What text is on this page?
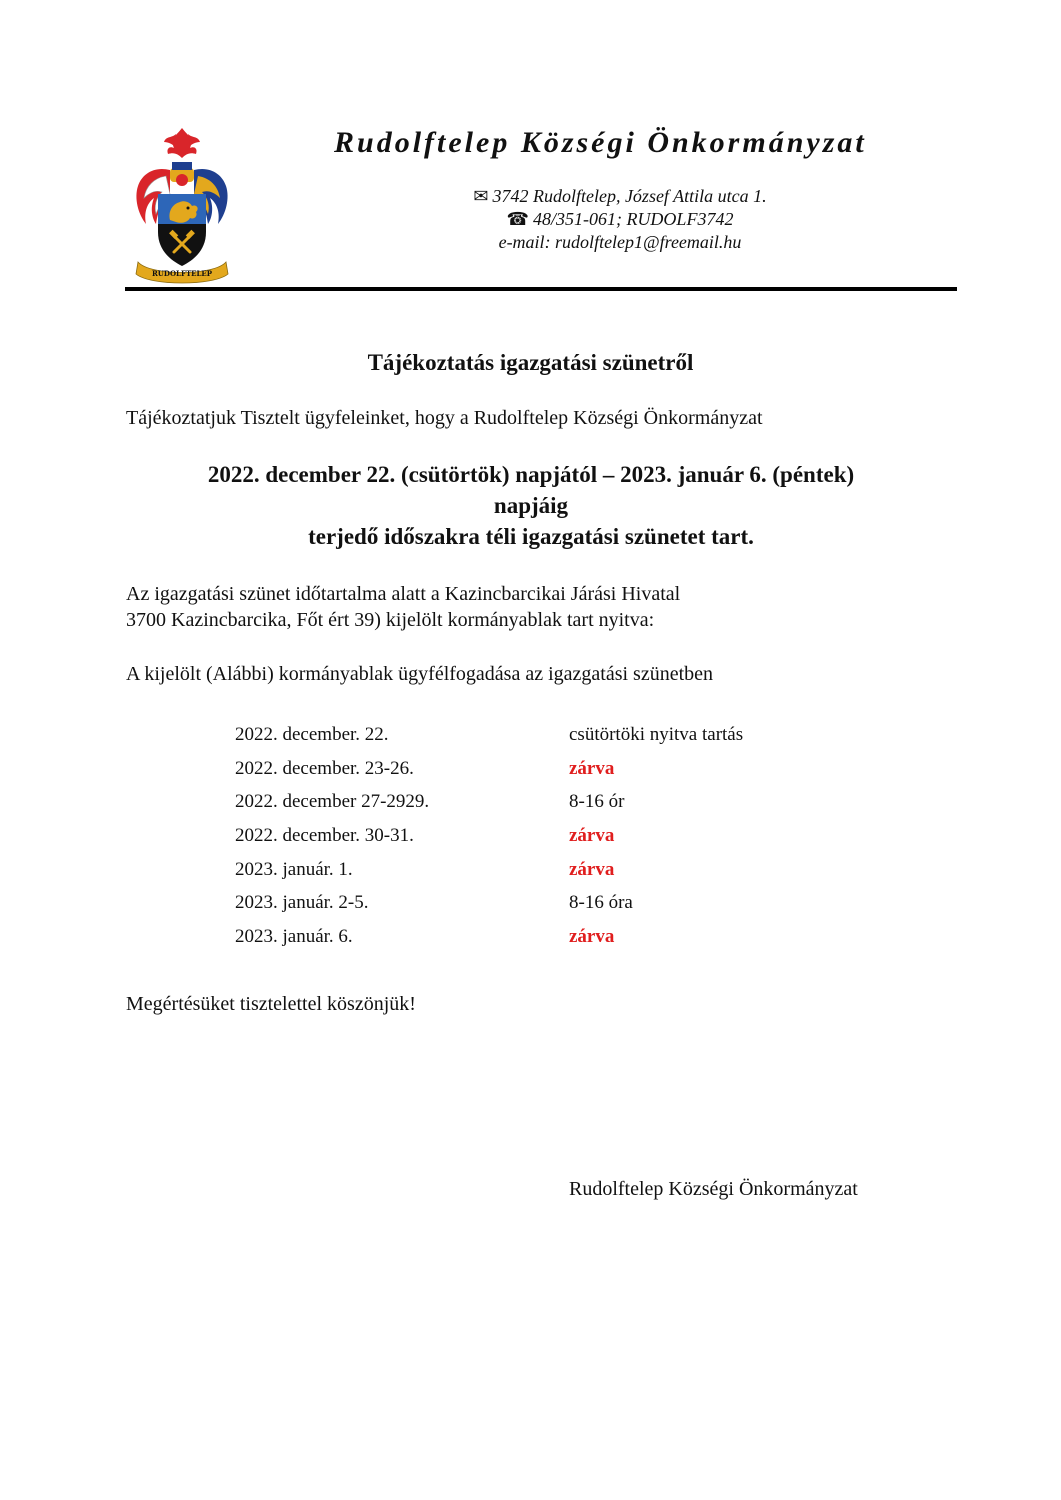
RUDOLFTELEP
Rudolftelep Községi Önkormányzat
✉ 3742 Rudolftelep, József Attila utca 1.
☎ 48/351-061; RUDOLF3742
e-mail: rudolftelep1@freemail.hu
Tájékoztatás igazgatási szünetről
Tájékoztatjuk Tisztelt ügyfeleinket, hogy a Rudolftelep Községi Önkormányzat
2022. december 22. (csütörtök) napjától – 2023. január 6. (péntek)
napjáig
terjedő időszakra téli igazgatási szünetet tart.
Az igazgatási szünet időtartalma alatt a Kazincbarcikai Járási Hivatal
3700 Kazincbarcika, Főt ért 39) kijelölt kormányablak tart nyitva:
A kijelölt (Alábbi) kormányablak ügyfélfogadása az igazgatási szünetben
2022. december. 22.	csütörtöki nyitva tartás
2022. december. 23-26.	zárva
2022. december 27-2929.	8-16 ór
2022. december. 30-31.	zárva
2023. január. 1.	zárva
2023. január. 2-5.	8-16 óra
2023. január. 6.	zárva
Megértésüket tisztelettel köszönjük!
Rudolftelep Községi Önkormányzat
